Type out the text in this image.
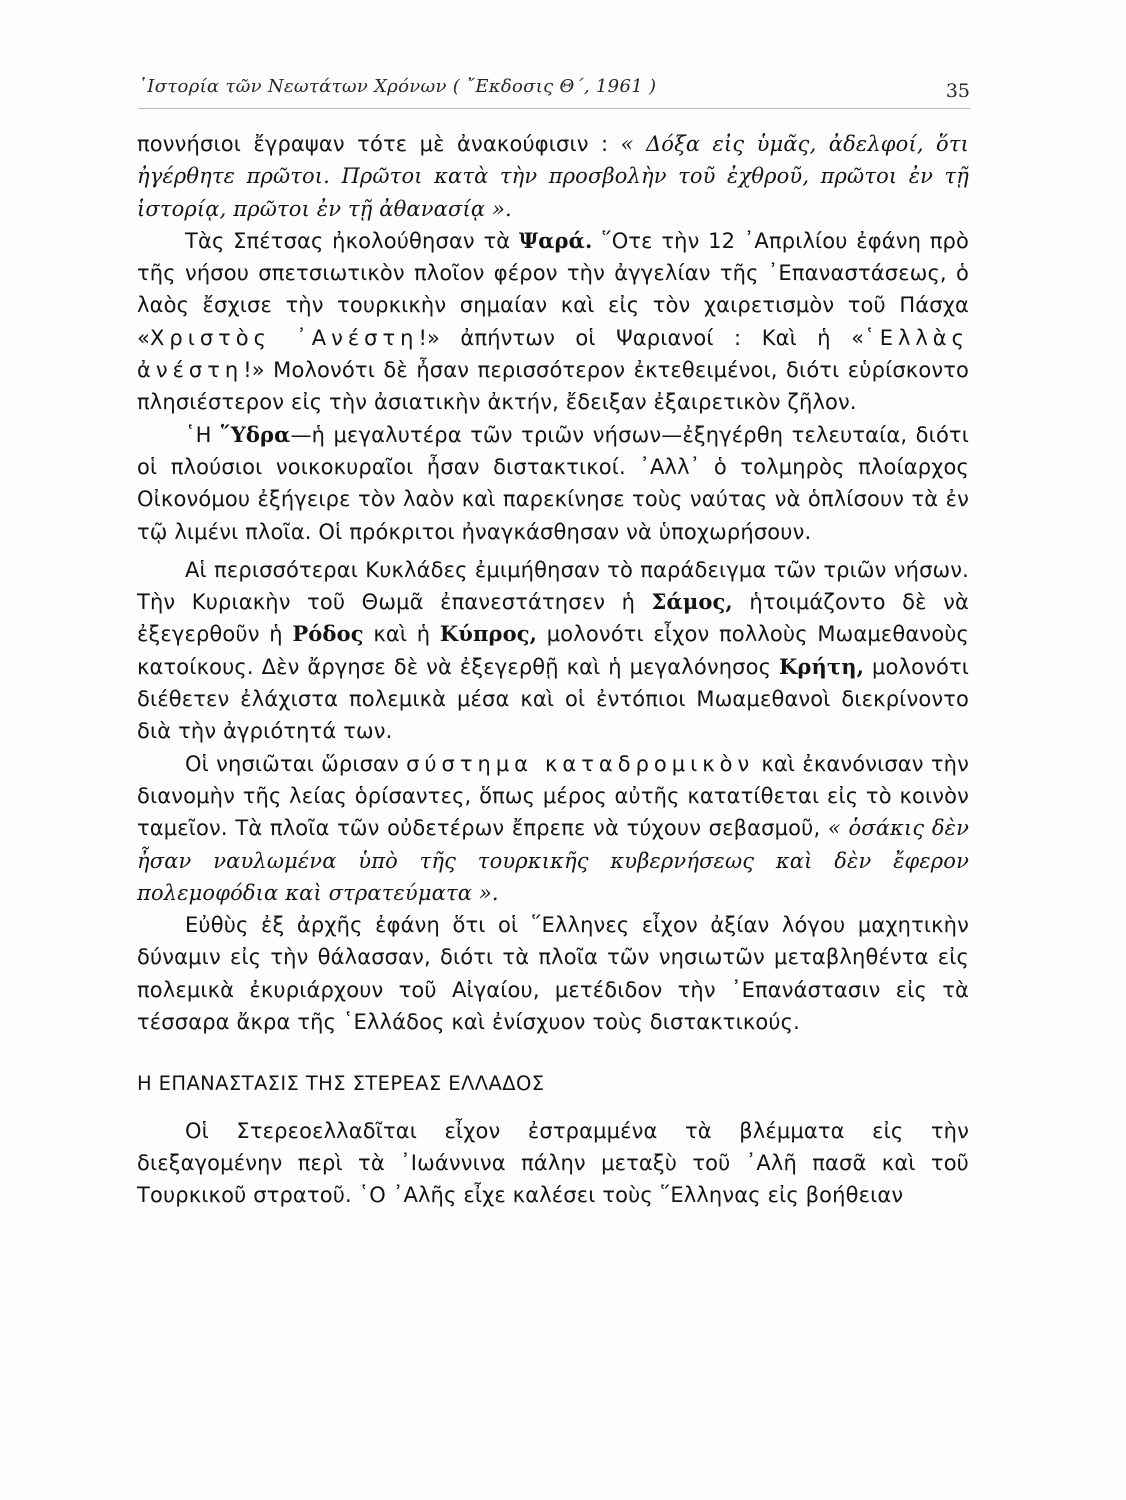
῾Ιστορία τῶν Νεωτάτων Χρόνων ( ῎Εκδοσις Θ΄, 1961 )	35

ποννήσιοι ἔγραψαν τότε μὲ ἀνακούφισιν : « Δόξα εἰς ὑμᾶς, ἀδελφοί, ὅτι ἠγέρθητε πρῶτοι. Πρῶτοι κατὰ τὴν προσβολὴν τοῦ ἐχθροῦ, πρῶτοι ἐν τῇ ἱστορίᾳ, πρῶτοι ἐν τῇ ἀθανασίᾳ ».

Τὰς Σπέτσας ἠκολούθησαν τὰ Ψαρά. ῞Οτε τὴν 12 ᾿Απριλίου ἐφάνη πρὸ τῆς νήσου σπετσιωτικὸν πλοῖον φέρον τὴν ἀγγελίαν τῆς ᾿Επαναστάσεως, ὁ λαὸς ἔσχισε τὴν τουρκικὴν σημαίαν καὶ εἰς τὸν χαιρετισμὸν τοῦ Πάσχα «Χριστὸς ᾿Ανέστη!» ἀπήντων οἱ Ψαριανοί : Καὶ ἡ «῾Ελλὰς ἀνέστη!» Μολονότι δὲ ἦσαν περισσότερον ἐκτεθειμένοι, διότι εὑρίσκοντο πλησιέστερον εἰς τὴν ἀσιατικὴν ἀκτήν, ἔδειξαν ἐξαιρετικὸν ζῆλον.

῾Η ῞Υδρα—ἡ μεγαλυτέρα τῶν τριῶν νήσων—ἐξηγέρθη τελευταία, διότι οἱ πλούσιοι νοικοκυραῖοι ἦσαν διστακτικοί. ᾿Αλλ᾿ ὁ τολμηρὸς πλοίαρχος Οἰκονόμου ἐξήγειρε τὸν λαὸν καὶ παρεκίνησε τοὺς ναύτας νὰ ὁπλίσουν τὰ ἐν τῷ λιμένι πλοῖα. Οἱ πρόκριτοι ἠναγκάσθησαν νὰ ὑποχωρήσουν.

Αἱ περισσότεραι Κυκλάδες ἐμιμήθησαν τὸ παράδειγμα τῶν τριῶν νήσων. Τὴν Κυριακὴν τοῦ Θωμᾶ ἐπανεστάτησεν ἡ Σάμος, ἡτοιμάζοντο δὲ νὰ ἐξεγερθοῦν ἡ Ρόδος καὶ ἡ Κύπρος, μολονότι εἶχον πολλοὺς Μωαμεθανοὺς κατοίκους. Δὲν ἄργησε δὲ νὰ ἐξεγερθῇ καὶ ἡ μεγαλόνησος Κρήτη, μολονότι διέθετεν ἐλάχιστα πολεμικὰ μέσα καὶ οἱ ἐντόπιοι Μωαμεθανοὶ διεκρίνοντο διὰ τὴν ἀγριότητά των.

Οἱ νησιῶται ὥρισαν σύστημα καταδρομικὸν καὶ ἐκανόνισαν τὴν διανομὴν τῆς λείας ὁρίσαντες, ὅπως μέρος αὐτῆς κατατίθεται εἰς τὸ κοινὸν ταμεῖον. Τὰ πλοῖα τῶν οὐδετέρων ἔπρεπε νὰ τύχουν σεβασμοῦ, « ὁσάκις δὲν ἦσαν ναυλωμένα ὑπὸ τῆς τουρκικῆς κυβερνήσεως καὶ δὲν ἔφερον πολεμοφόδια καὶ στρατεύματα ».

Εὐθὺς ἐξ ἀρχῆς ἐφάνη ὅτι οἱ ῞Ελληνες εἶχον ἀξίαν λόγου μαχητικὴν δύναμιν εἰς τὴν θάλασσαν, διότι τὰ πλοῖα τῶν νησιωτῶν μεταβληθέντα εἰς πολεμικὰ ἐκυριάρχουν τοῦ Αἰγαίου, μετέδιδον τὴν ᾿Επανάστασιν εἰς τὰ τέσσαρα ἄκρα τῆς ῾Ελλάδος καὶ ἐνίσχυον τοὺς διστακτικούς.

Η ΕΠΑΝΑΣΤΑΣΙΣ ΤΗΣ ΣΤΕΡΕΑΣ ΕΛΛΑΔΟΣ

Οἱ Στερεοελλαδῖται εἶχον ἐστραμμένα τὰ βλέμματα εἰς τὴν διεξαγομένην περὶ τὰ ᾿Ιωάννινα πάλην μεταξὺ τοῦ ᾿Αλῆ πασᾶ καὶ τοῦ Τουρκικοῦ στρατοῦ. ῾Ο ᾿Αλῆς εἶχε καλέσει τοὺς ῞Ελληνας εἰς βοήθειαν
